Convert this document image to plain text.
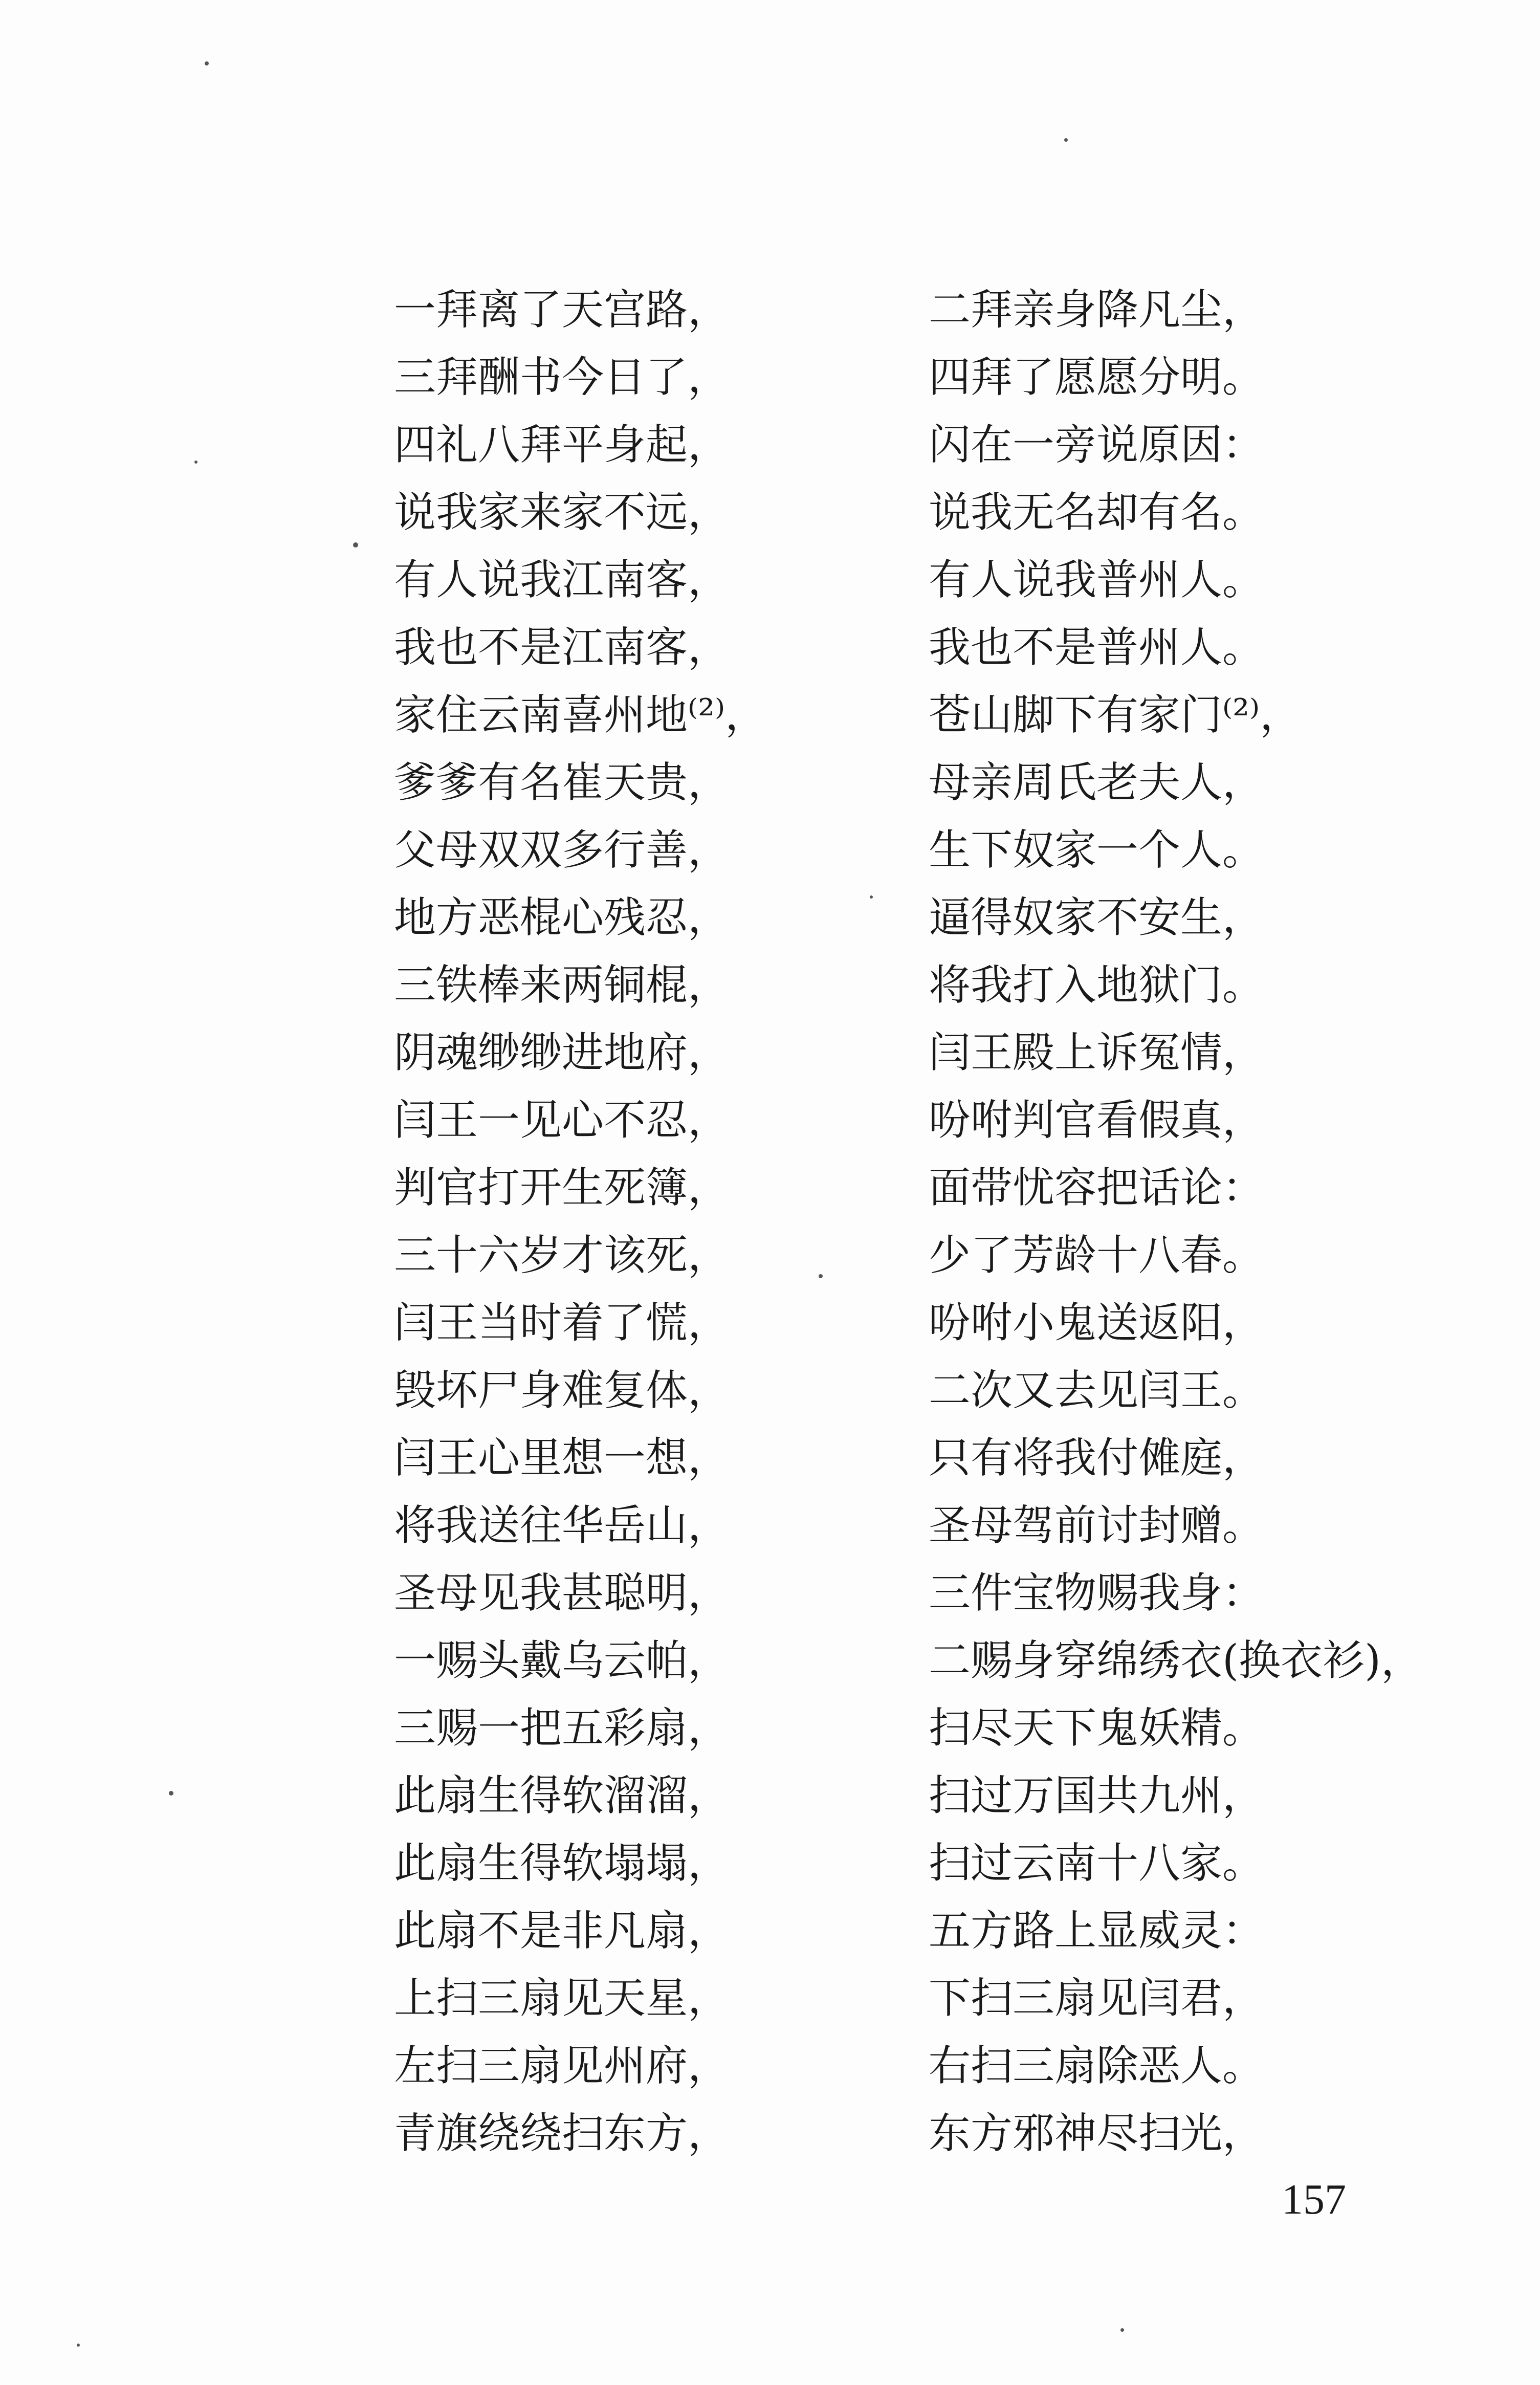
一拜离了天宫路，	二拜亲身降凡尘，
三拜酬书今日了，	四拜了愿愿分明。
四礼八拜平身起，	闪在一旁说原因：
说我家来家不远，	说我无名却有名。
有人说我江南客，	有人说我普州人。
我也不是江南客，	我也不是普州人。
家住云南喜州地⁽²⁾，	苍山脚下有家门⁽²⁾，
爹爹有名崔天贵，	母亲周氏老夫人，
父母双双多行善，	生下奴家一个人。
地方恶棍心残忍，	逼得奴家不安生，
三铁棒来两铜棍，	将我打入地狱门。
阴魂缈缈进地府，	闫王殿上诉冤情，
闫王一见心不忍，	吩咐判官看假真，
判官打开生死簿，	面带忧容把话论：
三十六岁才该死，	少了芳龄十八春。
闫王当时着了慌，	吩咐小鬼送返阳，
毁坏尸身难复体，	二次又去见闫王。
闫王心里想一想，	只有将我付傩庭，
将我送往华岳山，	圣母驾前讨封赠。
圣母见我甚聪明，	三件宝物赐我身：
一赐头戴乌云帕，	二赐身穿绵绣衣(换衣衫)，
三赐一把五彩扇，	扫尽天下鬼妖精。
此扇生得软溜溜，	扫过万国共九州，
此扇生得软塌塌，	扫过云南十八家。
此扇不是非凡扇，	五方路上显威灵：
上扫三扇见天星，	下扫三扇见闫君，
左扫三扇见州府，	右扫三扇除恶人。
青旗绕绕扫东方，	东方邪神尽扫光，
157
